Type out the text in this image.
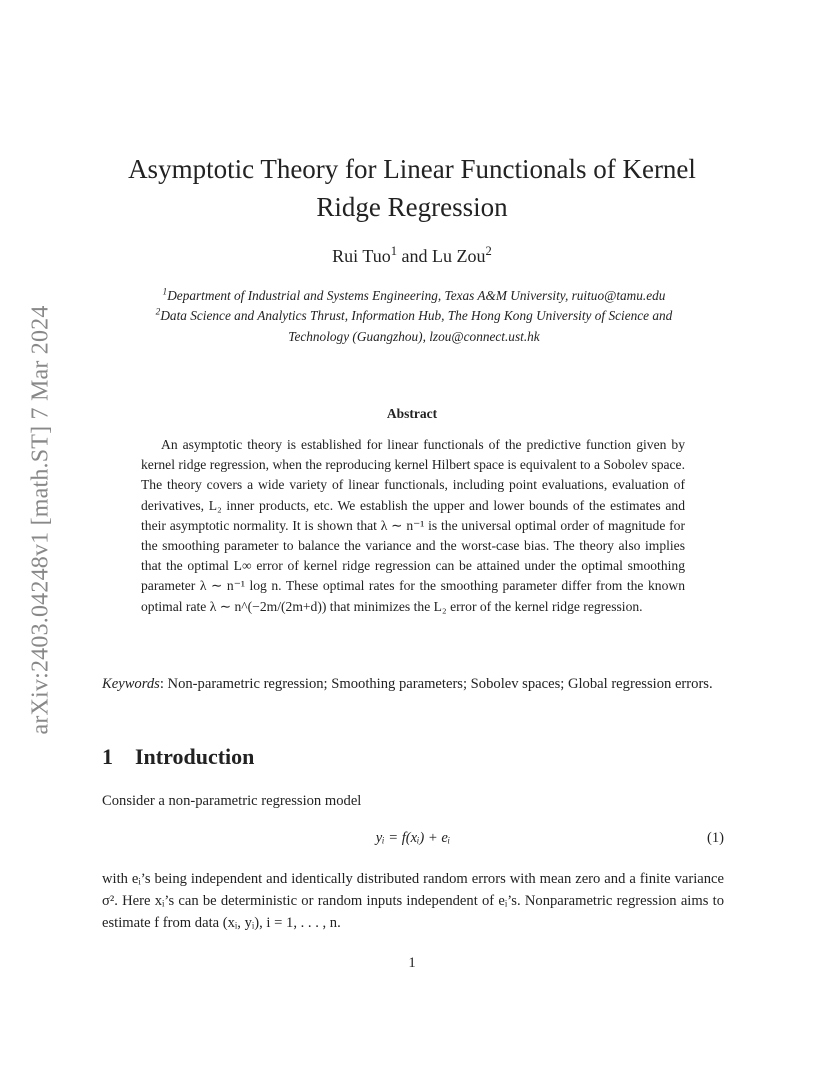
arXiv:2403.04248v1 [math.ST] 7 Mar 2024
Asymptotic Theory for Linear Functionals of Kernel
Ridge Regression
Rui Tuo$^1$ and Lu Zou$^2$
$^1$Department of Industrial and Systems Engineering, Texas A&M University, ruituo@tamu.edu
$^2$Data Science and Analytics Thrust, Information Hub, The Hong Kong University of Science and
Technology (Guangzhou), lzou@connect.ust.hk
Abstract

An asymptotic theory is established for linear functionals of the predictive function given by kernel ridge regression, when the reproducing kernel Hilbert space is equivalent to a Sobolev space. The theory covers a wide variety of linear functionals, including point evaluations, evaluation of derivatives, L₂ inner products, etc. We establish the upper and lower bounds of the estimates and their asymptotic normality. It is shown that λ ∼ n⁻¹ is the universal optimal order of magnitude for the smoothing parameter to balance the variance and the worst-case bias. The theory also implies that the optimal L∞ error of kernel ridge regression can be attained under the optimal smoothing parameter λ ∼ n⁻¹ log n. These optimal rates for the smoothing parameter differ from the known optimal rate λ ∼ n^(−2m/(2m+d)) that minimizes the L₂ error of the kernel ridge regression.

Keywords: Non-parametric regression; Smoothing parameters; Sobolev spaces; Global regression errors.
1 Introduction
Consider a non-parametric regression model
yᵢ = f(xᵢ) + eᵢ	(1)
with eᵢ’s being independent and identically distributed random errors with mean zero and a finite variance σ². Here xᵢ’s can be deterministic or random inputs independent of eᵢ’s. Nonparametric regression aims to estimate f from data (xᵢ, yᵢ), i = 1, . . . , n.
1
